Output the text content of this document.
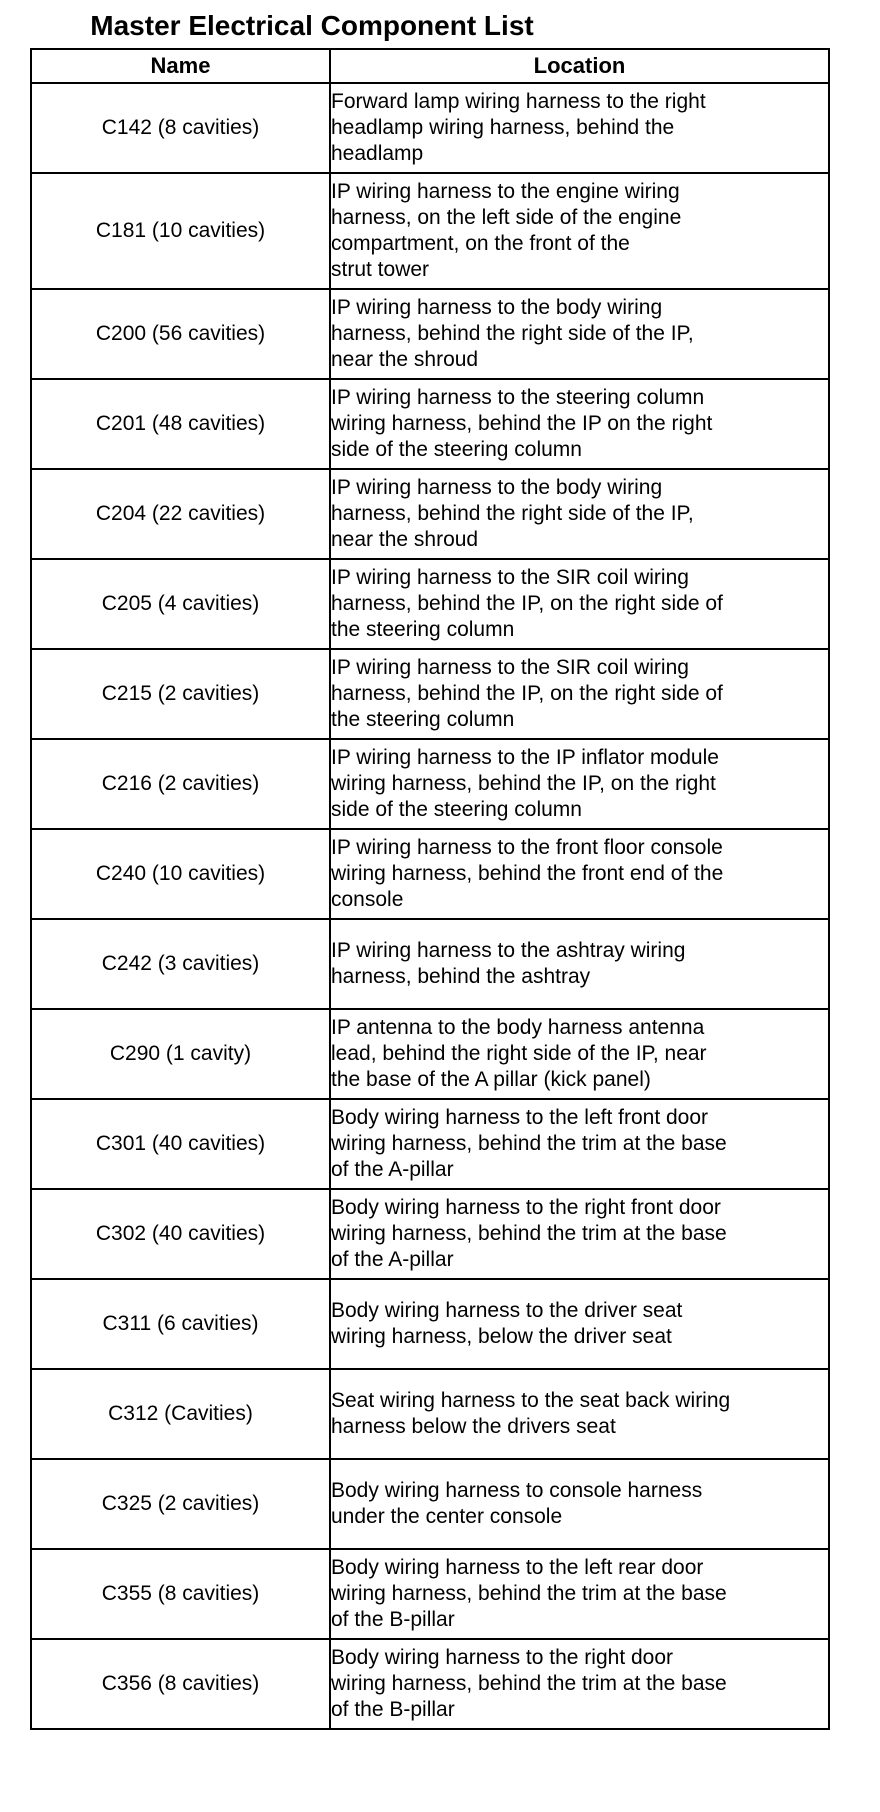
Master Electrical Component List
Name	Location
C142 (8 cavities)	Forward lamp wiring harness to the right
headlamp wiring harness, behind the
headlamp

C181 (10 cavities)	IP wiring harness to the engine wiring
harness, on the left side of the engine
compartment, on the front of the
strut tower

C200 (56 cavities)	IP wiring harness to the body wiring
harness, behind the right side of the IP,
near the shroud

C201 (48 cavities)	IP wiring harness to the steering column
wiring harness, behind the IP on the right
side of the steering column

C204 (22 cavities)	IP wiring harness to the body wiring
harness, behind the right side of the IP,
near the shroud

C205 (4 cavities)	IP wiring harness to the SIR coil wiring
harness, behind the IP, on the right side of
the steering column

C215 (2 cavities)	IP wiring harness to the SIR coil wiring
harness, behind the IP, on the right side of
the steering column

C216 (2 cavities)	IP wiring harness to the IP inflator module
wiring harness, behind the IP, on the right
side of the steering column

C240 (10 cavities)	IP wiring harness to the front floor console
wiring harness, behind the front end of the
console

C242 (3 cavities)	IP wiring harness to the ashtray wiring
harness, behind the ashtray

C290 (1 cavity)	IP antenna to the body harness antenna
lead, behind the right side of the IP, near
the base of the A pillar (kick panel)

C301 (40 cavities)	Body wiring harness to the left front door
wiring harness, behind the trim at the base
of the A-pillar

C302 (40 cavities)	Body wiring harness to the right front door
wiring harness, behind the trim at the base
of the A-pillar

C311 (6 cavities)	Body wiring harness to the driver seat
wiring harness, below the driver seat

C312 (Cavities)	Seat wiring harness to the seat back wiring
harness below the drivers seat

C325 (2 cavities)	Body wiring harness to console harness
under the center console

C355 (8 cavities)	Body wiring harness to the left rear door
wiring harness, behind the trim at the base
of the B-pillar

C356 (8 cavities)	Body wiring harness to the right door
wiring harness, behind the trim at the base
of the B-pillar
